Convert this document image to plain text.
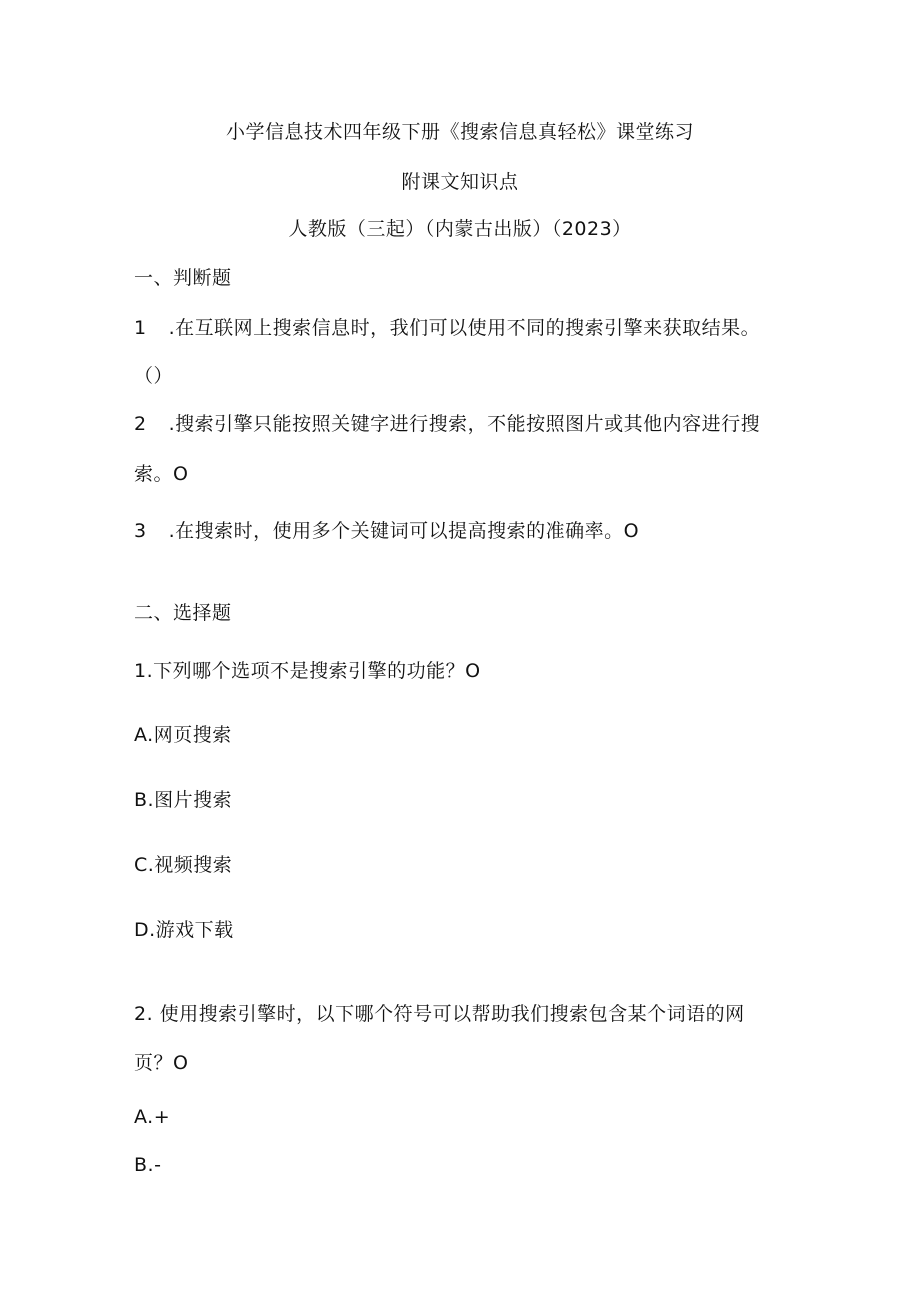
小学信息技术四年级下册《搜索信息真轻松》课堂练习
附课文知识点
人教版（三起）（内蒙古出版）（2023）
一、判断题
1 .在互联网上搜索信息时，我们可以使用不同的搜索引擎来获取结果。
（）
2 .搜索引擎只能按照关键字进行搜索，不能按照图片或其他内容进行搜
索。O
3 .在搜索时，使用多个关键词可以提高搜索的准确率。O
二、选择题
1.下列哪个选项不是搜索引擎的功能？O
A.网页搜索
B.图片搜索
C.视频搜索
D.游戏下载
2. 使用搜索引擎时，以下哪个符号可以帮助我们搜索包含某个词语的网
页？O
A.+
B.-
